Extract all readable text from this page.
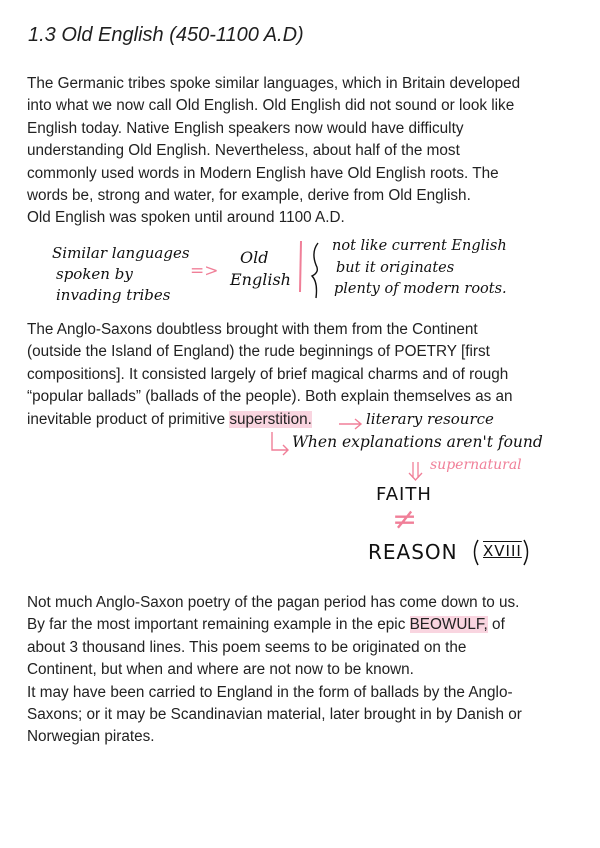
1.3 Old English (450-1100 A.D)
The Germanic tribes spoke similar languages, which in Britain developed
into what we now call Old English. Old English did not sound or look like
English today. Native English speakers now would have difficulty
understanding Old English. Nevertheless, about half of the most
commonly used words in Modern English have Old English roots. The
words be, strong and water, for example, derive from Old English.
Old English was spoken until around 1100 A.D.
Similar languages
spoken by
invading tribes
=>
Old
English
not like current English
but it originates
plenty of modern roots.
The Anglo-Saxons doubtless brought with them from the Continent
(outside the Island of England) the rude beginnings of POETRY [first
compositions]. It consisted largely of brief magical charms and of rough
“popular ballads” (ballads of the people). Both explain themselves as an
inevitable product of primitive superstition.	literary resource
When explanations aren't found
supernatural
FAITH
≠
REASON XVIII
Not much Anglo-Saxon poetry of the pagan period has come down to us.
By far the most important remaining example in the epic BEOWULF, of
about 3 thousand lines. This poem seems to be originated on the
Continent, but when and where are not now to be known.
It may have been carried to England in the form of ballads by the Anglo-
Saxons; or it may be Scandinavian material, later brought in by Danish or
Norwegian pirates.
